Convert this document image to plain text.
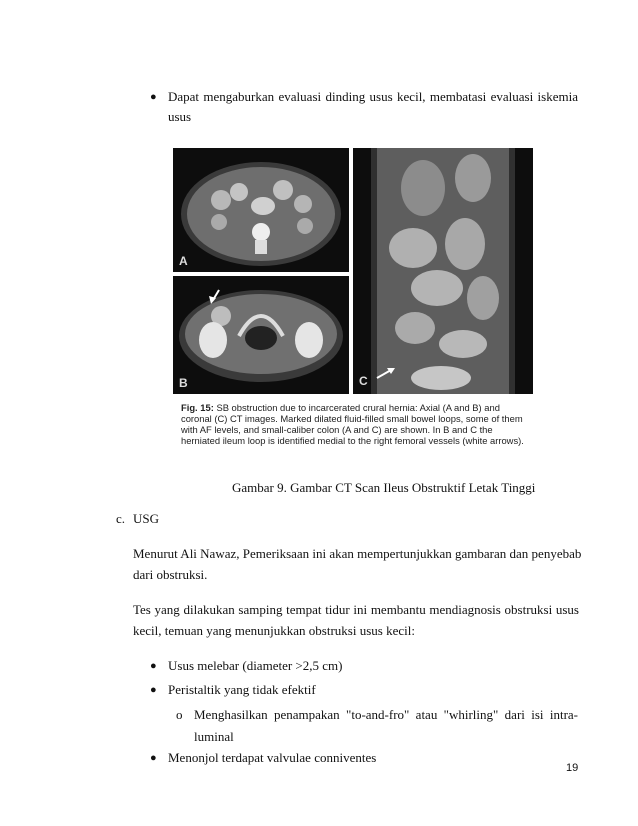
● Dapat mengaburkan evaluasi dinding usus kecil, membatasi evaluasi iskemia
usus
A
B	C
Fig. 15: SB obstruction due to incarcerated crural hernia: Axial (A and B) and coronal (C) CT images. Marked dilated fluid-filled small bowel loops, some of them with AF levels, and small-caliber colon (A and C) are shown. In B and C the herniated ileum loop is identified medial to the right femoral vessels (white arrows).
Gambar 9. Gambar CT Scan Ileus Obstruktif Letak Tinggi
c. USG
Menurut Ali Nawaz, Pemeriksaan ini akan mempertunjukkan gambaran dan penyebab
dari obstruksi.
Tes yang dilakukan samping tempat tidur ini membantu mendiagnosis obstruksi usus
kecil, temuan yang menunjukkan obstruksi usus kecil:
● Usus melebar (diameter >2,5 cm)
● Peristaltik yang tidak efektif
o Menghasilkan penampakan "to-and-fro" atau "whirling" dari isi intra-
luminal
● Menonjol terdapat valvulae conniventes
19
